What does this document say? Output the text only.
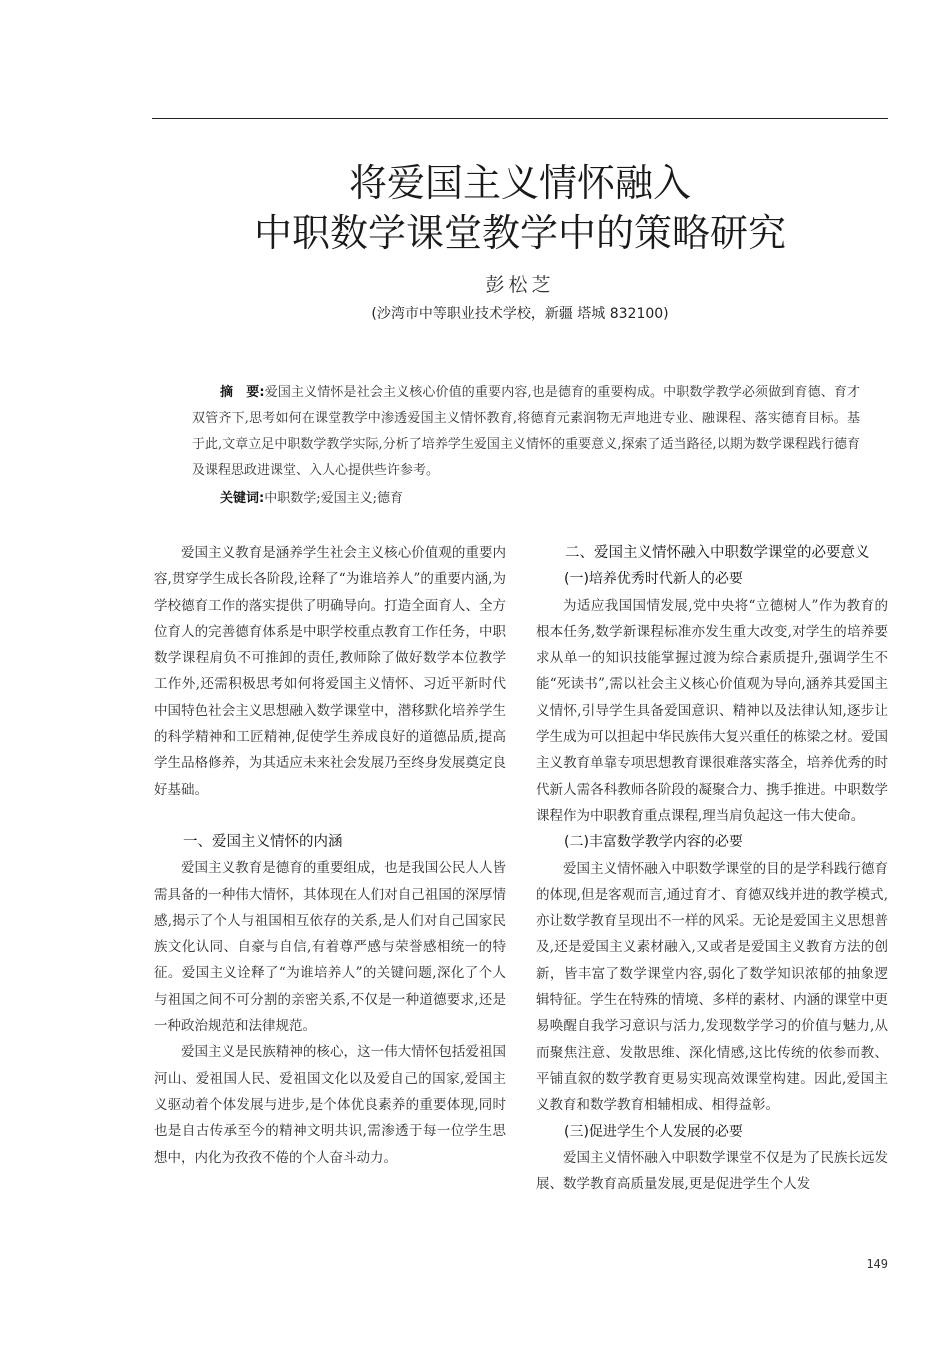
将爱国主义情怀融入
中职数学课堂教学中的策略研究
彭松芝
(沙湾市中等职业技术学校，新疆 塔城 832100)

摘　要:爱国主义情怀是社会主义核心价值的重要内容,也是德育的重要构成。中职数学教学必须做到育德、育才双管齐下,思考如何在课堂教学中渗透爱国主义情怀教育,将德育元素润物无声地进专业、融课程、落实德育目标。基于此,文章立足中职数学教学实际,分析了培养学生爱国主义情怀的重要意义,探索了适当路径,以期为数学课程践行德育及课程思政进课堂、入人心提供些许参考。

关键词:中职数学;爱国主义;德育

爱国主义教育是涵养学生社会主义核心价值观的重要内容,贯穿学生成长各阶段,诠释了“为谁培养人”的重要内涵,为学校德育工作的落实提供了明确导向。打造全面育人、全方位育人的完善德育体系是中职学校重点教育工作任务，中职数学课程肩负不可推卸的责任,教师除了做好数学本位教学工作外,还需积极思考如何将爱国主义情怀、习近平新时代中国特色社会主义思想融入数学课堂中，潜移默化培养学生的科学精神和工匠精神,促使学生养成良好的道德品质,提高学生品格修养，为其适应未来社会发展乃至终身发展奠定良好基础。

一、爱国主义情怀的内涵

爱国主义教育是德育的重要组成，也是我国公民人人皆需具备的一种伟大情怀，其体现在人们对自己祖国的深厚情感,揭示了个人与祖国相互依存的关系,是人们对自己国家民族文化认同、自豪与自信,有着尊严感与荣誉感相统一的特征。爱国主义诠释了“为谁培养人”的关键问题,深化了个人与祖国之间不可分割的亲密关系,不仅是一种道德要求,还是一种政治规范和法律规范。

爱国主义是民族精神的核心，这一伟大情怀包括爱祖国河山、爱祖国人民、爱祖国文化以及爱自己的国家,爱国主义驱动着个体发展与进步,是个体优良素养的重要体现,同时也是自古传承至今的精神文明共识,需渗透于每一位学生思想中，内化为孜孜不倦的个人奋斗动力。

二、爱国主义情怀融入中职数学课堂的必要意义
(一)培养优秀时代新人的必要

为适应我国国情发展,党中央将“立德树人”作为教育的根本任务,数学新课程标准亦发生重大改变,对学生的培养要求从单一的知识技能掌握过渡为综合素质提升,强调学生不能“死读书”,需以社会主义核心价值观为导向,涵养其爱国主义情怀,引导学生具备爱国意识、精神以及法律认知,逐步让学生成为可以担起中华民族伟大复兴重任的栋梁之材。爱国主义教育单靠专项思想教育课很难落实落全，培养优秀的时代新人需各科教师各阶段的凝聚合力、携手推进。中职数学课程作为中职教育重点课程,理当肩负起这一伟大使命。

(二)丰富数学教学内容的必要

爱国主义情怀融入中职数学课堂的目的是学科践行德育的体现,但是客观而言,通过育才、育德双线并进的教学模式,亦让数学教育呈现出不一样的风采。无论是爱国主义思想普及,还是爱国主义素材融入,又或者是爱国主义教育方法的创新，皆丰富了数学课堂内容,弱化了数学知识浓郁的抽象逻辑特征。学生在特殊的情境、多样的素材、内涵的课堂中更易唤醒自我学习意识与活力,发现数学学习的价值与魅力,从而聚焦注意、发散思维、深化情感,这比传统的依参而教、平铺直叙的数学教育更易实现高效课堂构建。因此,爱国主义教育和数学教育相辅相成、相得益彰。

(三)促进学生个人发展的必要

爱国主义情怀融入中职数学课堂不仅是为了民族长远发展、数学教育高质量发展,更是促进学生个人发

149
